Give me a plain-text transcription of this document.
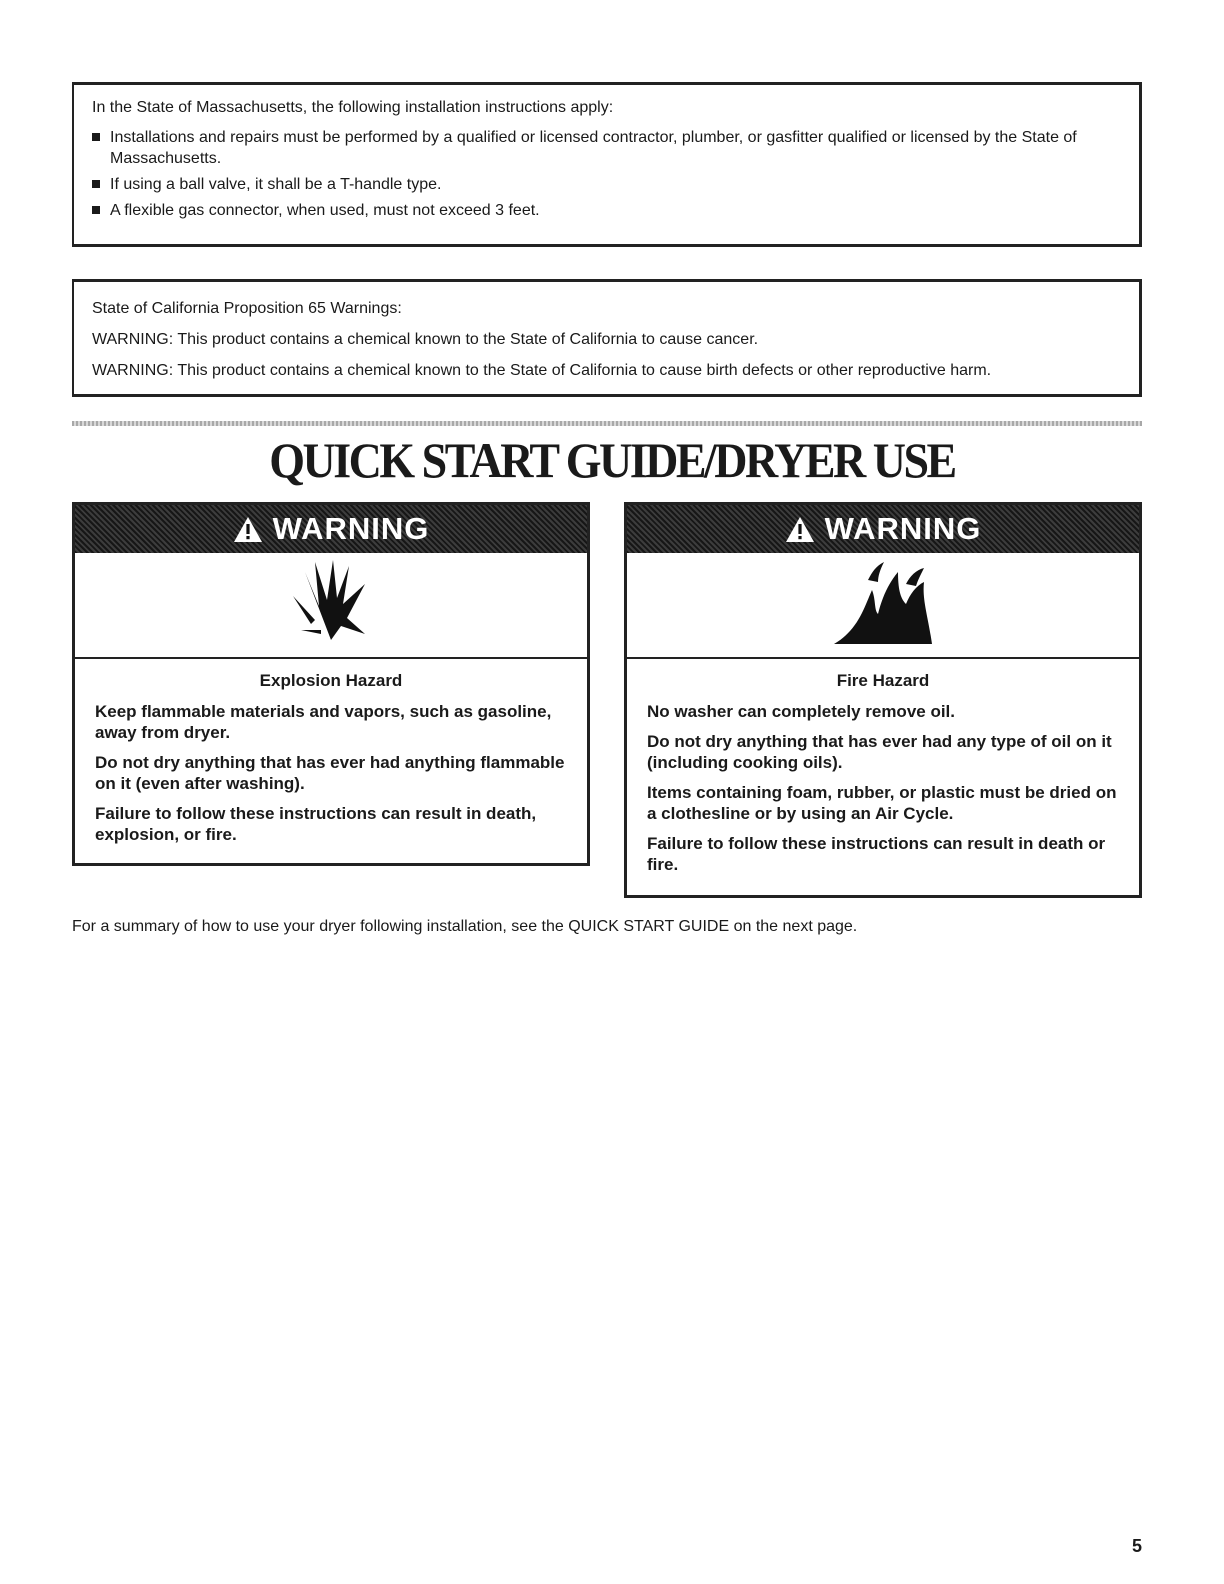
In the State of Massachusetts, the following installation instructions apply:

Installations and repairs must be performed by a qualified or licensed contractor, plumber, or gasfitter qualified or licensed by the State of Massachusetts.
If using a ball valve, it shall be a T-handle type.
A flexible gas connector, when used, must not exceed 3 feet.

State of California Proposition 65 Warnings:

WARNING: This product contains a chemical known to the State of California to cause cancer.

WARNING: This product contains a chemical known to the State of California to cause birth defects or other reproductive harm.

QUICK START GUIDE/DRYER USE
WARNING
Explosion Hazard

Keep flammable materials and vapors, such as gasoline, away from dryer.

Do not dry anything that has ever had anything flammable on it (even after washing).

Failure to follow these instructions can result in death, explosion, or fire.

WARNING
Fire Hazard

No washer can completely remove oil.

Do not dry anything that has ever had any type of oil on it (including cooking oils).

Items containing foam, rubber, or plastic must be dried on a clothesline or by using an Air Cycle.

Failure to follow these instructions can result in death or fire.

For a summary of how to use your dryer following installation, see the QUICK START GUIDE on the next page.

5
